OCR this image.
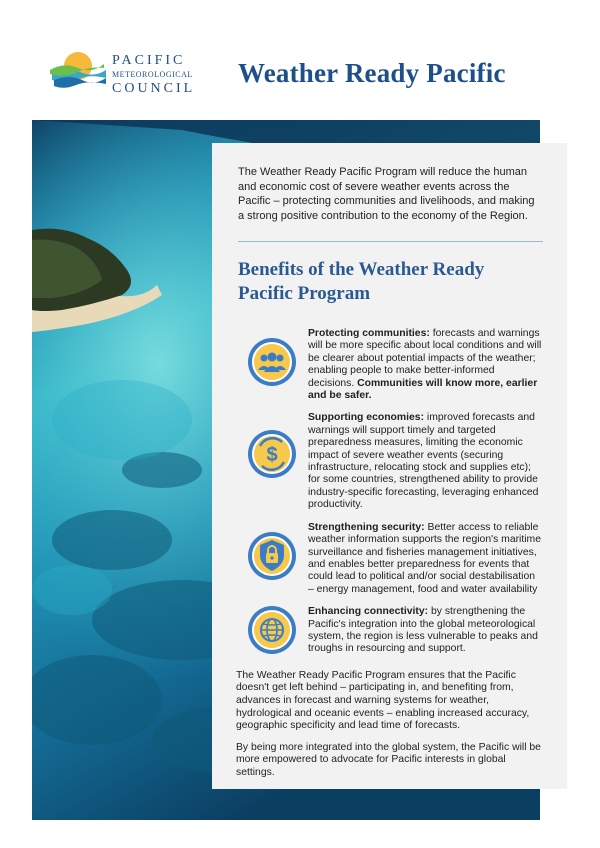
PACIFIC
METEOROLOGICAL
COUNCIL
Weather Ready Pacific

The Weather Ready Pacific Program will reduce the human and economic cost of severe weather events across the Pacific – protecting communities and livelihoods, and making a strong positive contribution to the economy of the Region.

Benefits of the Weather Ready Pacific Program

Protecting communities: forecasts and warnings will be more specific about local conditions and will be clearer about potential impacts of the weather; enabling people to make better-informed decisions. Communities will know more, earlier and be safer.

$

Supporting economies: improved forecasts and warnings will support timely and targeted preparedness measures, limiting the economic impact of severe weather events (securing infrastructure, relocating stock and supplies etc); for some countries, strengthened ability to provide industry-specific forecasting, leveraging enhanced productivity.

Strengthening security: Better access to reliable weather information supports the region's maritime surveillance and fisheries management initiatives, and enables better preparedness for events that could lead to political and/or social destabilisation – energy management, food and water availability

Enhancing connectivity: by strengthening the Pacific's integration into the global meteorological system, the region is less vulnerable to peaks and troughs in resourcing and support.

The Weather Ready Pacific Program ensures that the Pacific doesn't get left behind – participating in, and benefiting from, advances in forecast and warning systems for weather, hydrological and oceanic events – enabling increased accuracy, geographic specificity and lead time of forecasts.

By being more integrated into the global system, the Pacific will be more empowered to advocate for Pacific interests in global settings.
